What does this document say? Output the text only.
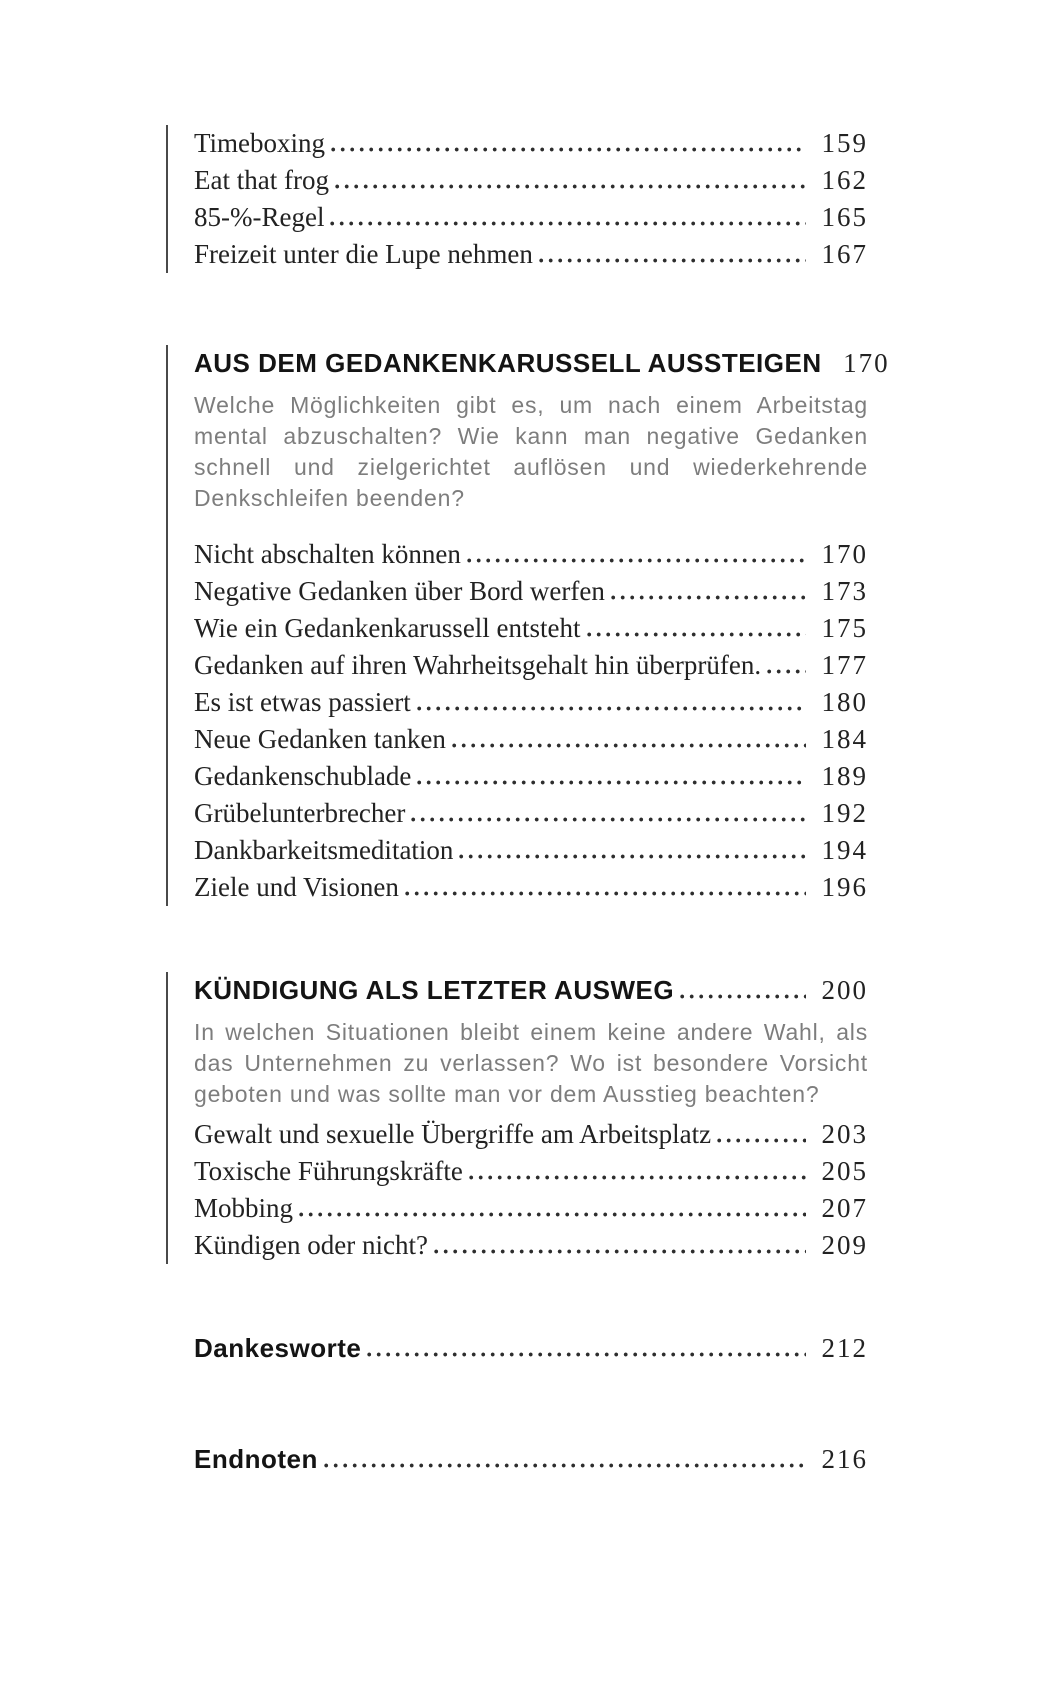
Timeboxing	159
Eat that frog	162
85-%-Regel	165
Freizeit unter die Lupe nehmen	167
AUS DEM GEDANKENKARUSSELL AUSSTEIGEN 170
Welche Möglichkeiten gibt es, um nach einem Arbeitstag mental abzuschalten? Wie kann man negative Gedanken schnell und zielgerichtet auflösen und wiederkehrende Denkschleifen beenden?
Nicht abschalten können	170
Negative Gedanken über Bord werfen	173
Wie ein Gedankenkarussell entsteht	175
Gedanken auf ihren Wahrheitsgehalt hin überprüfen. 177
Es ist etwas passiert	180
Neue Gedanken tanken	184
Gedankenschublade	189
Grübelunterbrecher	192
Dankbarkeitsmeditation	194
Ziele und Visionen	196
KÜNDIGUNG ALS LETZTER AUSWEG	200
In welchen Situationen bleibt einem keine andere Wahl, als das Unternehmen zu verlassen? Wo ist besondere Vorsicht geboten und was sollte man vor dem Ausstieg beachten?
Gewalt und sexuelle Übergriffe am Arbeitsplatz	203
Toxische Führungskräfte	205
Mobbing	207
Kündigen oder nicht?	209
Dankesworte	212
Endnoten	216
